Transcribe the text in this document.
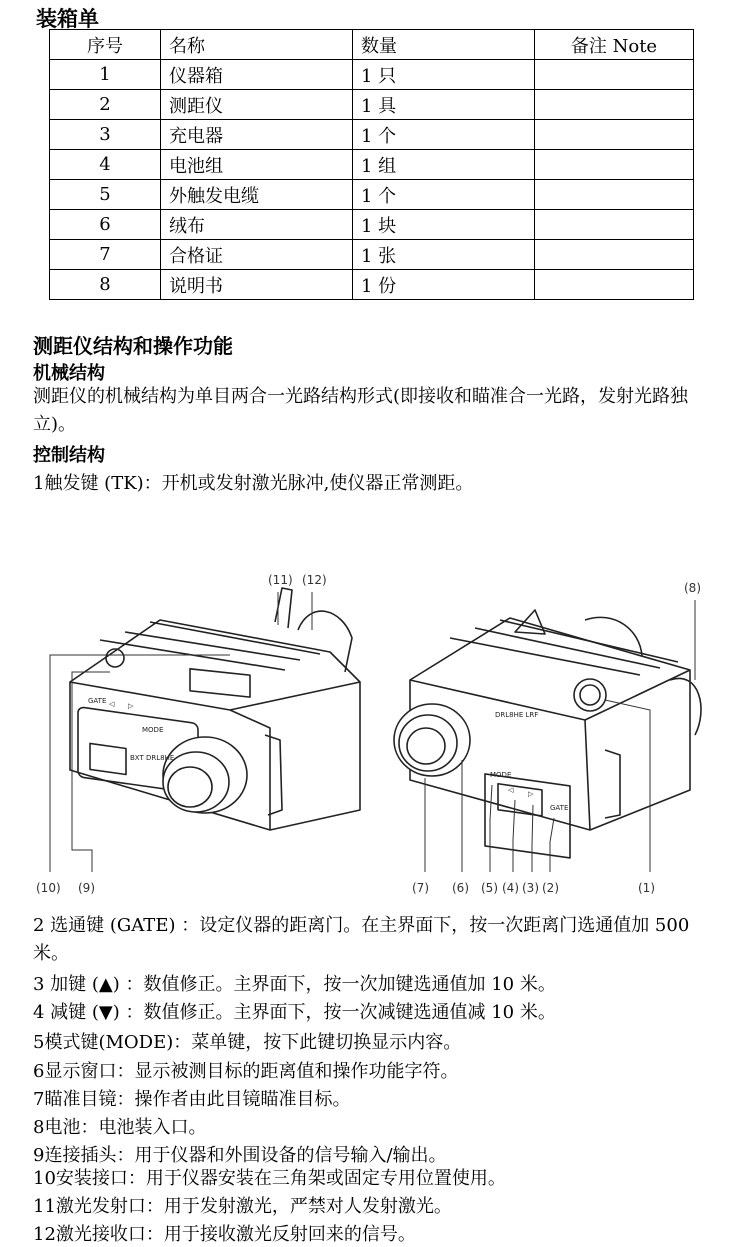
装箱单
序号	名称	数量	备注 Note
1	仪器箱	1 只	
2	测距仪	1 具	
3	充电器	1 个	
4	电池组	1 组	
5	外触发电缆	1 个	
6	绒布	1 块	
7	合格证	1 张	
8	说明书	1 份	
测距仪结构和操作功能
机械结构
测距仪的机械结构为单目两合一光路结构形式(即接收和瞄准合一光路，发射光路独立)。
控制结构
1触发键 (TK)：开机或发射激光脉冲,使仪器正常测距。
GATE ◁ ▷
MODE
BXT DRL8HE
DRL8HE LRF
MODE
◁ ▷
GATE
(11) (12)
(8)
(10) (9)	(7) (6) (5) (4) (3) (2)	(1)
2 选通键 (GATE) ：设定仪器的距离门。在主界面下，按一次距离门选通值加 500 米。
3 加键 (▲) ：数值修正。主界面下，按一次加键选通值加 10 米。
4 减键 (▼) ：数值修正。主界面下，按一次减键选通值减 10 米。
5模式键(MODE)：菜单键，按下此键切换显示内容。
6显示窗口：显示被测目标的距离值和操作功能字符。
7瞄准目镜：操作者由此目镜瞄准目标。
8电池：电池装入口。
9连接插头：用于仪器和外围设备的信号输入/输出。
10安装接口：用于仪器安装在三角架或固定专用位置使用。
11激光发射口：用于发射激光，严禁对人发射激光。
12激光接收口：用于接收激光反射回来的信号。
